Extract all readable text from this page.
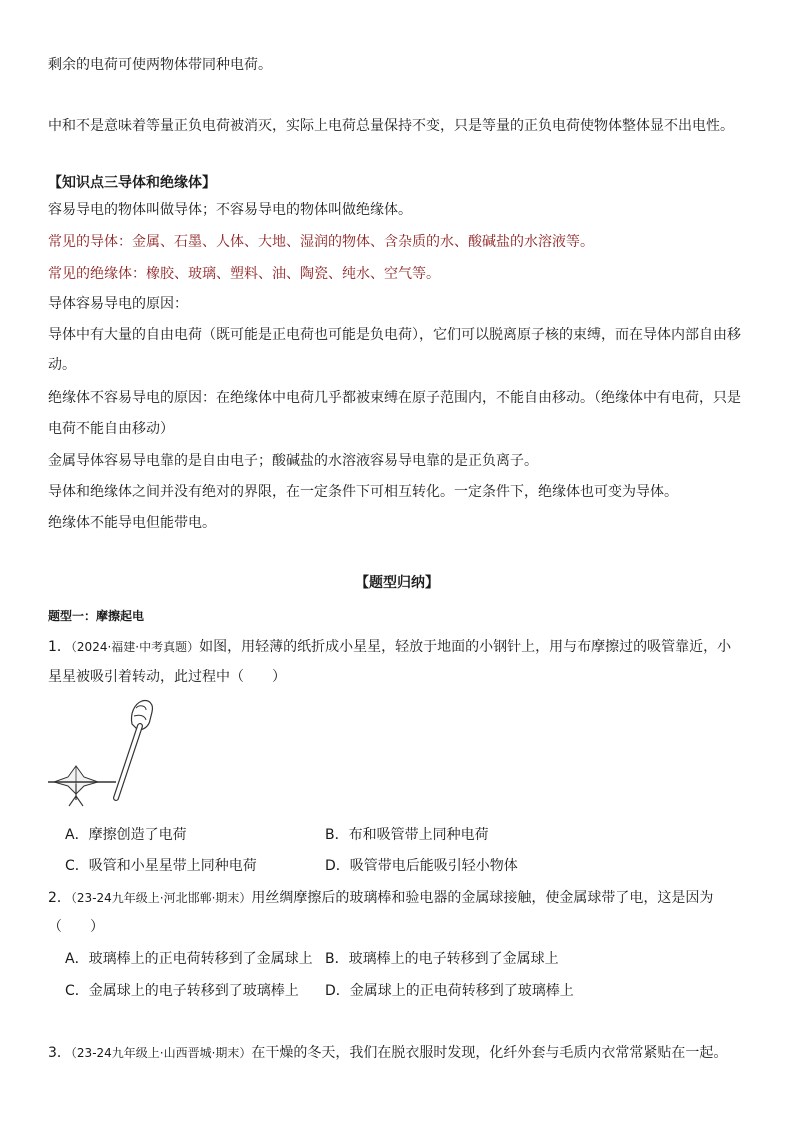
剩余的电荷可使两物体带同种电荷。
中和不是意味着等量正负电荷被消灭，实际上电荷总量保持不变，只是等量的正负电荷使物体整体显不出电性。
【知识点三导体和绝缘体】
容易导电的物体叫做导体；不容易导电的物体叫做绝缘体。
常见的导体：金属、石墨、人体、大地、湿润的物体、含杂质的水、酸碱盐的水溶液等。
常见的绝缘体：橡胶、玻璃、塑料、油、陶瓷、纯水、空气等。
导体容易导电的原因：
导体中有大量的自由电荷（既可能是正电荷也可能是负电荷），它们可以脱离原子核的束缚，而在导体内部自由移
动。
绝缘体不容易导电的原因：在绝缘体中电荷几乎都被束缚在原子范围内，不能自由移动。（绝缘体中有电荷，只是
电荷不能自由移动）
金属导体容易导电靠的是自由电子；酸碱盐的水溶液容易导电靠的是正负离子。
导体和绝缘体之间并没有绝对的界限，在一定条件下可相互转化。一定条件下，绝缘体也可变为导体。
绝缘体不能导电但能带电。
【题型归纳】
题型一：摩擦起电
1．（2024·福建·中考真题）如图，用轻薄的纸折成小星星，轻放于地面的小钢针上，用与布摩擦过的吸管靠近，小
星星被吸引着转动，此过程中（　　）
A．摩擦创造了电荷	B．布和吸管带上同种电荷
C．吸管和小星星带上同种电荷	D．吸管带电后能吸引轻小物体
2．（23-24九年级上·河北邯郸·期末）用丝绸摩擦后的玻璃棒和验电器的金属球接触，使金属球带了电，这是因为
（　　）
A．玻璃棒上的正电荷转移到了金属球上 B．玻璃棒上的电子转移到了金属球上
C．金属球上的电子转移到了玻璃棒上 D．金属球上的正电荷转移到了玻璃棒上
3．（23-24九年级上·山西晋城·期末）在干燥的冬天，我们在脱衣服时发现，化纤外套与毛质内衣常常紧贴在一起。
